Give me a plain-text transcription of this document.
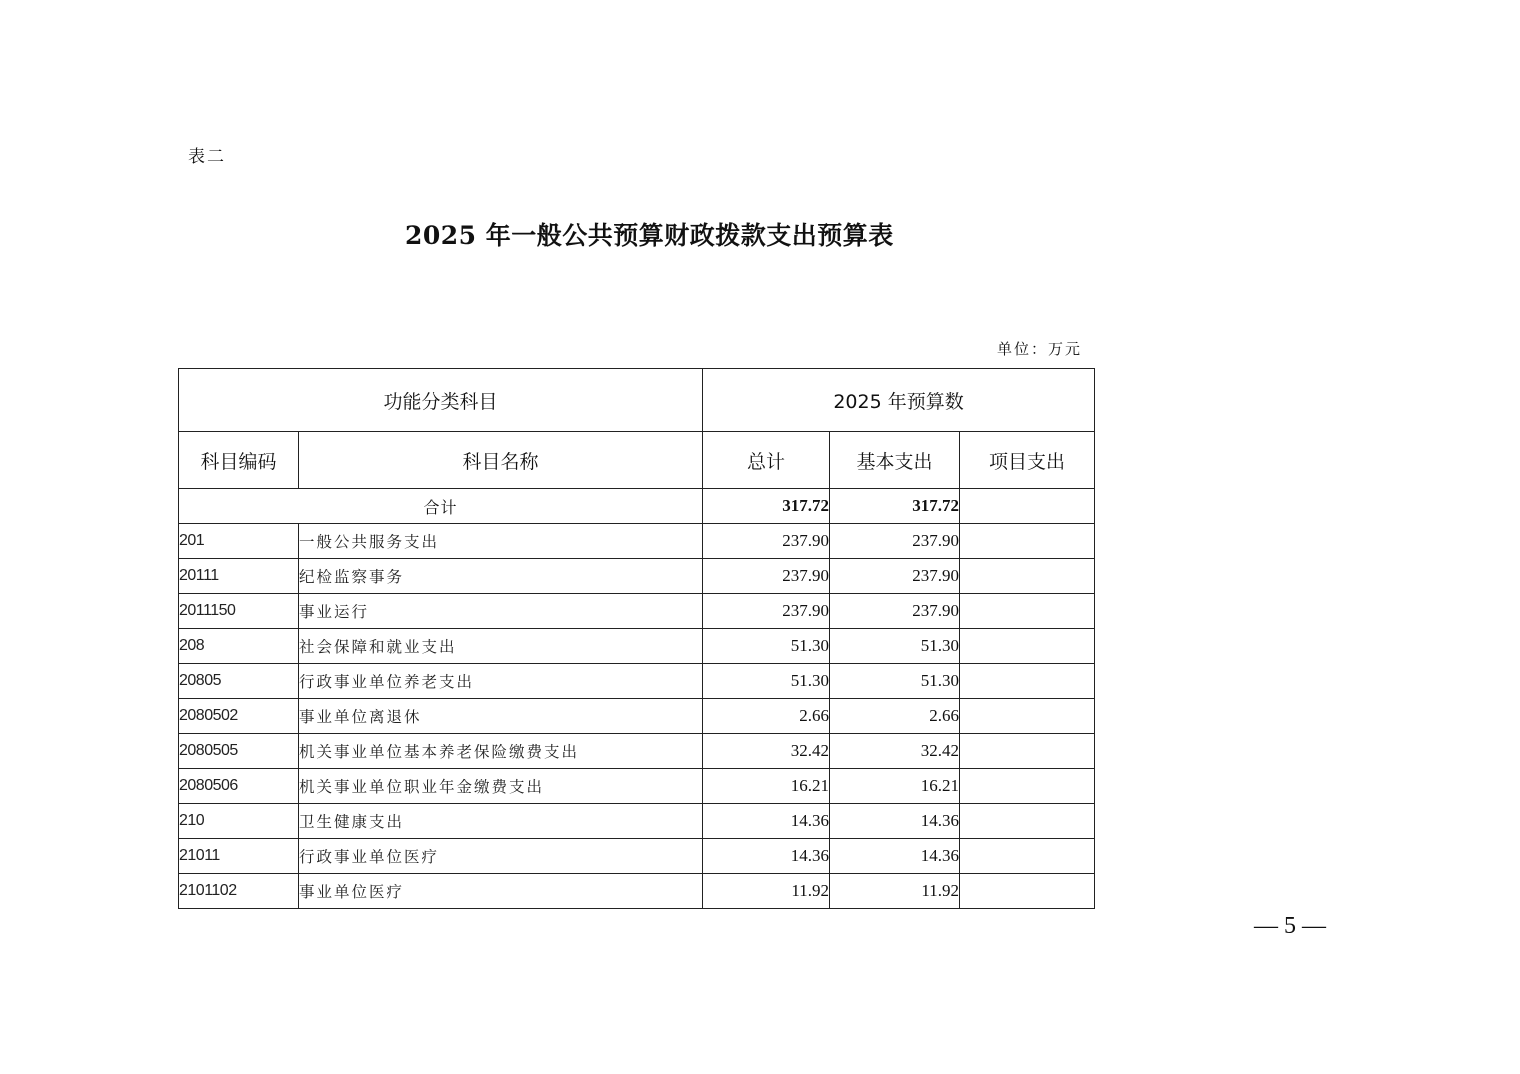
表二
2025 年一般公共预算财政拨款支出预算表
单位：万元
功能分类科目		2025 年预算数		
科目编码	科目名称	总计	基本支出	项目支出
合计		317.72	317.72	
201	一般公共服务支出	237.90	237.90	
20111	纪检监察事务	237.90	237.90	
2011150	事业运行	237.90	237.90	
208	社会保障和就业支出	51.30	51.30	
20805	行政事业单位养老支出	51.30	51.30	
2080502	事业单位离退休	2.66	2.66	
2080505	机关事业单位基本养老保险缴费支出	32.42	32.42	
2080506	机关事业单位职业年金缴费支出	16.21	16.21	
210	卫生健康支出	14.36	14.36	
21011	行政事业单位医疗	14.36	14.36	
2101102	事业单位医疗	11.92	11.92	
— 5 —
